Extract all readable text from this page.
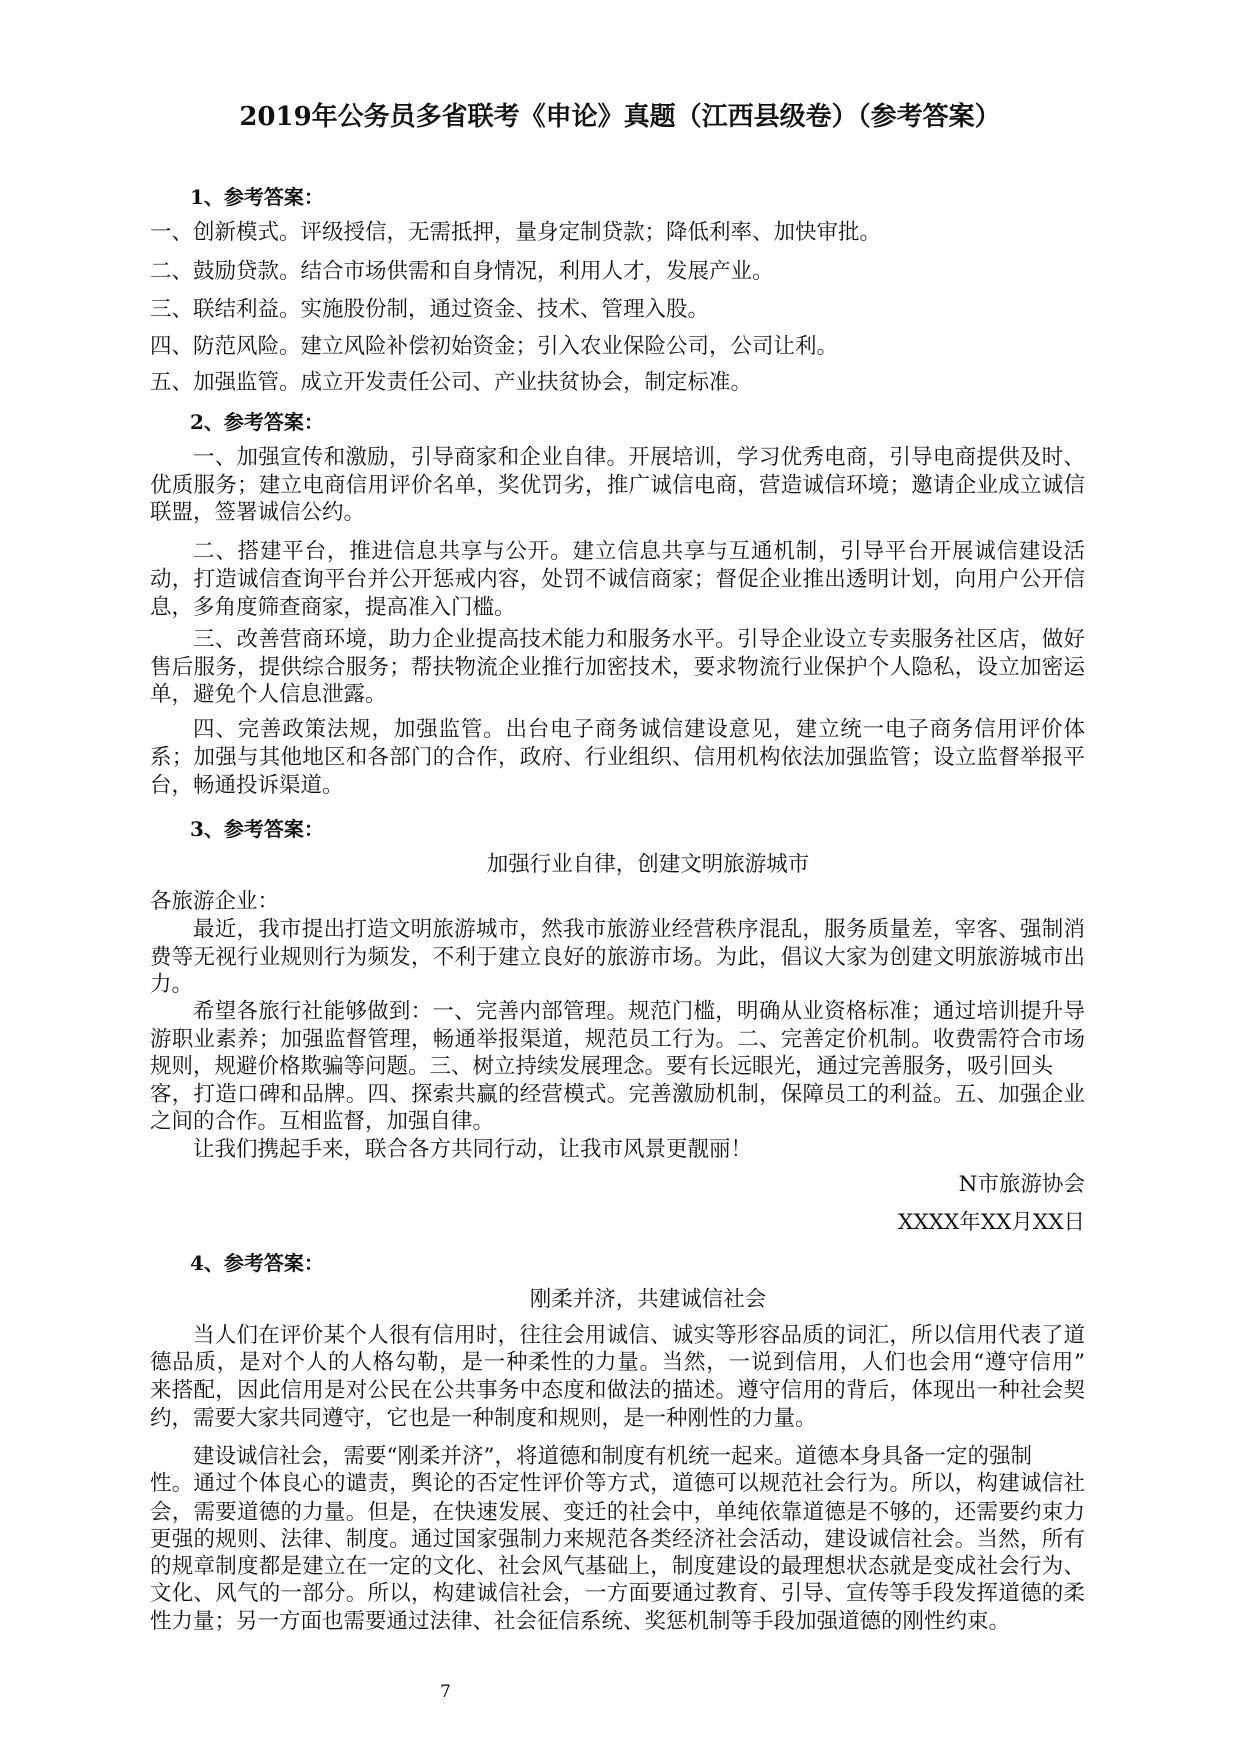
2019年公务员多省联考《申论》真题（江西县级卷）（参考答案）
1、参考答案：
一、创新模式。评级授信，无需抵押，量身定制贷款；降低利率、加快审批。
二、鼓励贷款。结合市场供需和自身情况，利用人才，发展产业。
三、联结利益。实施股份制，通过资金、技术、管理入股。
四、防范风险。建立风险补偿初始资金；引入农业保险公司，公司让利。
五、加强监管。成立开发责任公司、产业扶贫协会，制定标准。
2、参考答案：
一、加强宣传和激励，引导商家和企业自律。开展培训，学习优秀电商，引导电商提供及时、
优质服务；建立电商信用评价名单，奖优罚劣，推广诚信电商，营造诚信环境；邀请企业成立诚信
联盟，签署诚信公约。
二、搭建平台，推进信息共享与公开。建立信息共享与互通机制，引导平台开展诚信建设活
动，打造诚信查询平台并公开惩戒内容，处罚不诚信商家；督促企业推出透明计划，向用户公开信
息，多角度筛查商家，提高准入门槛。
三、改善营商环境，助力企业提高技术能力和服务水平。引导企业设立专卖服务社区店，做好
售后服务，提供综合服务；帮扶物流企业推行加密技术，要求物流行业保护个人隐私，设立加密运
单，避免个人信息泄露。
四、完善政策法规，加强监管。出台电子商务诚信建设意见，建立统一电子商务信用评价体
系；加强与其他地区和各部门的合作，政府、行业组织、信用机构依法加强监管；设立监督举报平
台，畅通投诉渠道。
3、参考答案：
加强行业自律，创建文明旅游城市
各旅游企业：
最近，我市提出打造文明旅游城市，然我市旅游业经营秩序混乱，服务质量差，宰客、强制消
费等无视行业规则行为频发，不利于建立良好的旅游市场。为此，倡议大家为创建文明旅游城市出
力。
希望各旅行社能够做到：一、完善内部管理。规范门槛，明确从业资格标准；通过培训提升导
游职业素养；加强监督管理，畅通举报渠道，规范员工行为。二、完善定价机制。收费需符合市场
规则，规避价格欺骗等问题。三、树立持续发展理念。要有长远眼光，通过完善服务，吸引回头
客，打造口碑和品牌。四、探索共赢的经营模式。完善激励机制，保障员工的利益。五、加强企业
之间的合作。互相监督，加强自律。
让我们携起手来，联合各方共同行动，让我市风景更靓丽！
N市旅游协会
XXXX年XX月XX日
4、参考答案：
刚柔并济，共建诚信社会
当人们在评价某个人很有信用时，往往会用诚信、诚实等形容品质的词汇，所以信用代表了道
德品质，是对个人的人格勾勒，是一种柔性的力量。当然，一说到信用，人们也会用“遵守信用”
来搭配，因此信用是对公民在公共事务中态度和做法的描述。遵守信用的背后，体现出一种社会契
约，需要大家共同遵守，它也是一种制度和规则，是一种刚性的力量。
建设诚信社会，需要“刚柔并济”，将道德和制度有机统一起来。道德本身具备一定的强制
性。通过个体良心的谴责，舆论的否定性评价等方式，道德可以规范社会行为。所以，构建诚信社
会，需要道德的力量。但是，在快速发展、变迁的社会中，单纯依靠道德是不够的，还需要约束力
更强的规则、法律、制度。通过国家强制力来规范各类经济社会活动，建设诚信社会。当然，所有
的规章制度都是建立在一定的文化、社会风气基础上，制度建设的最理想状态就是变成社会行为、
文化、风气的一部分。所以，构建诚信社会，一方面要通过教育、引导、宣传等手段发挥道德的柔
性力量；另一方面也需要通过法律、社会征信系统、奖惩机制等手段加强道德的刚性约束。
7
